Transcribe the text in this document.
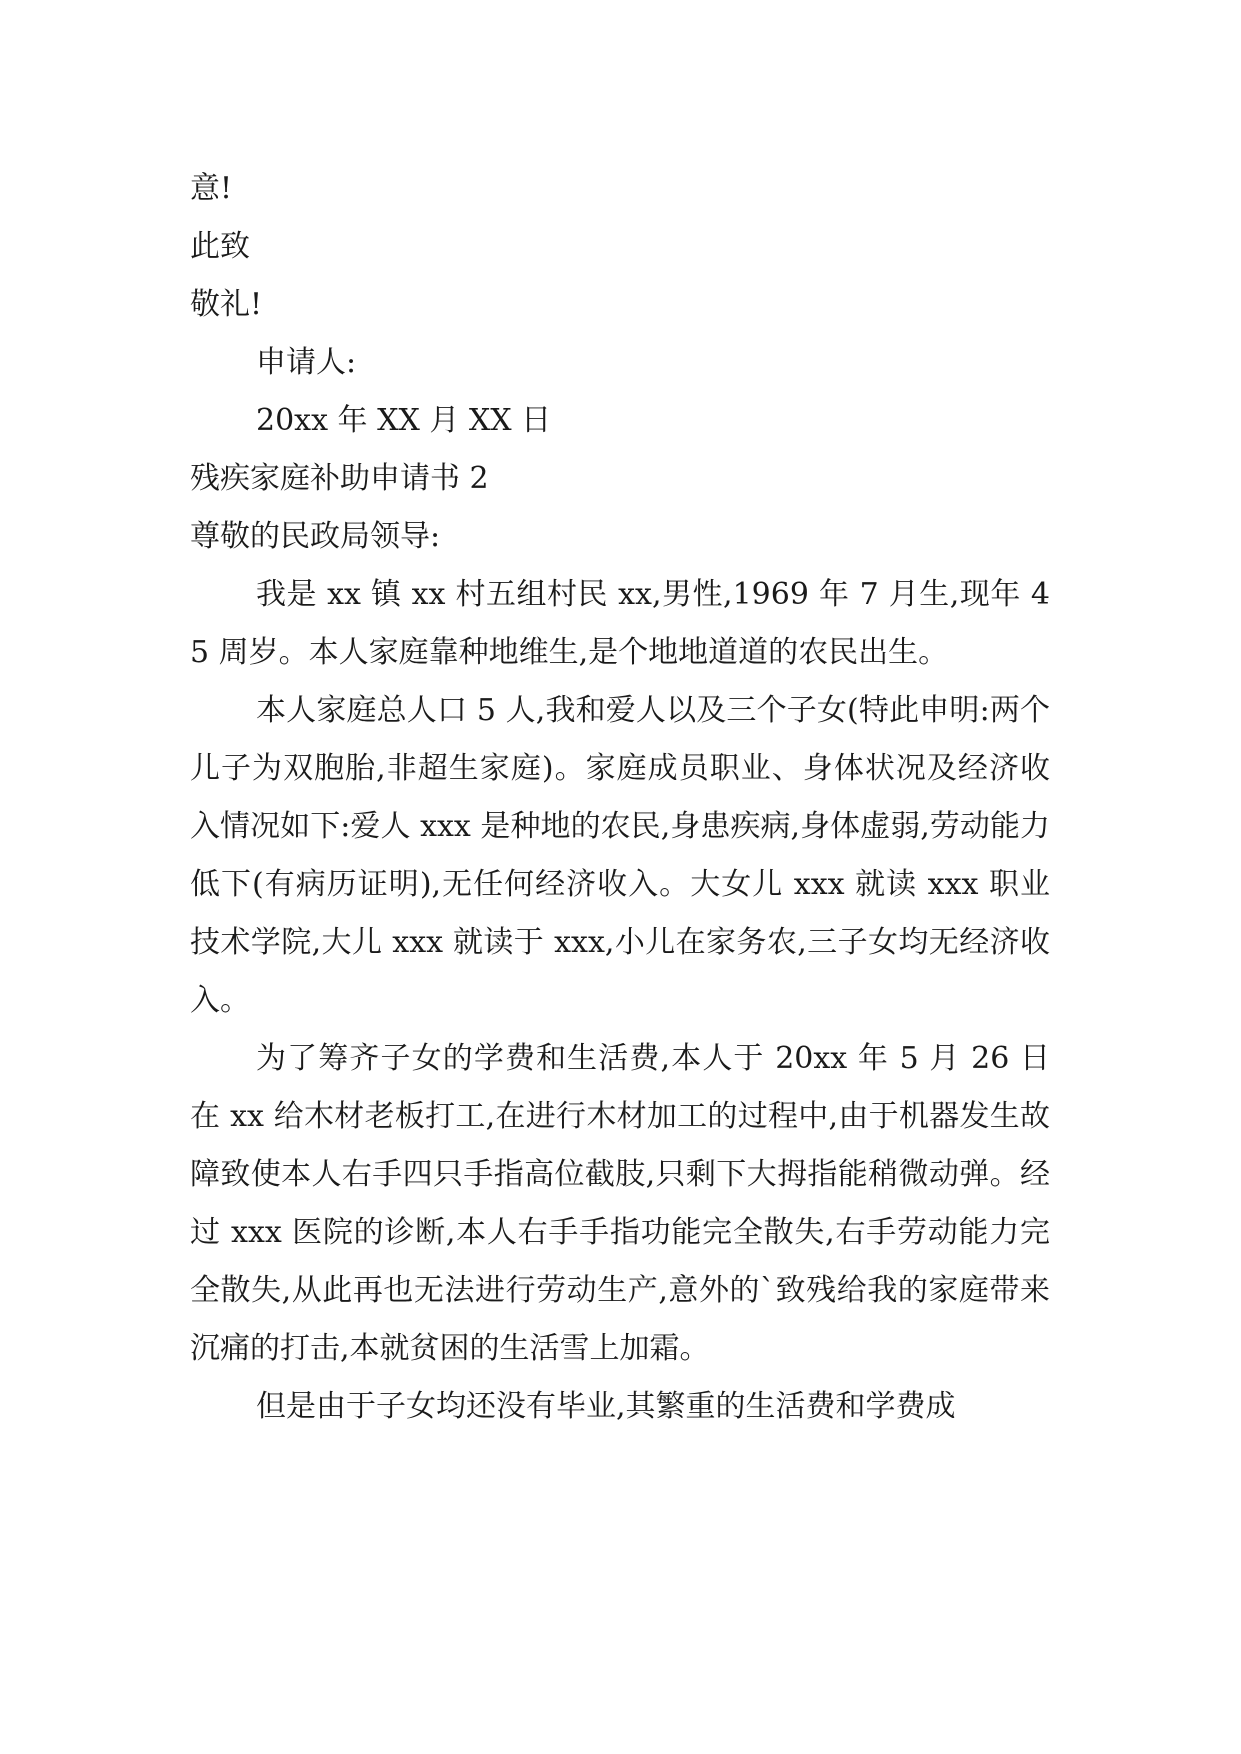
意!
此致
敬礼!
申请人:
20xx 年 XX 月 XX 日
残疾家庭补助申请书 2
尊敬的民政局领导:

我是 xx 镇 xx 村五组村民 xx,男性,1969 年 7 月生,现年 45 周岁。本人家庭靠种地维生,是个地地道道的农民出生。

本人家庭总人口 5 人,我和爱人以及三个子女(特此申明:两个儿子为双胞胎,非超生家庭)。家庭成员职业、身体状况及经济收入情况如下:爱人 xxx 是种地的农民,身患疾病,身体虚弱,劳动能力低下(有病历证明),无任何经济收入。大女儿 xxx 就读 xxx 职业技术学院,大儿 xxx 就读于 xxx,小儿在家务农,三子女均无经济收入。

为了筹齐子女的学费和生活费,本人于 20xx 年 5 月 26 日在 xx 给木材老板打工,在进行木材加工的过程中,由于机器发生故障致使本人右手四只手指高位截肢,只剩下大拇指能稍微动弹。经过 xxx 医院的诊断,本人右手手指功能完全散失,右手劳动能力完全散失,从此再也无法进行劳动生产,意外的`致残给我的家庭带来沉痛的打击,本就贫困的生活雪上加霜。

但是由于子女均还没有毕业,其繁重的生活费和学费成
